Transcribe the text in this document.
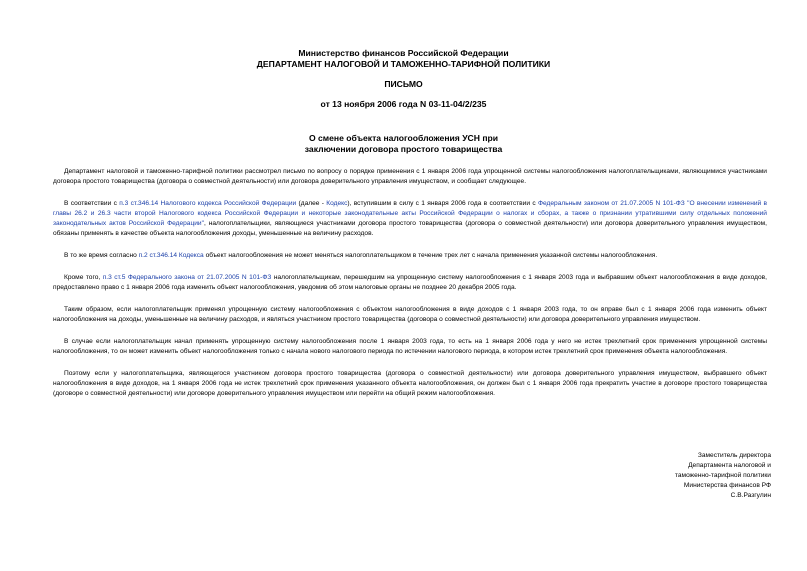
Министерство финансов Российской Федерации
ДЕПАРТАМЕНТ НАЛОГОВОЙ И ТАМОЖЕННО-ТАРИФНОЙ ПОЛИТИКИ
ПИСЬМО
от 13 ноября 2006 года N 03-11-04/2/235
О смене объекта налогообложения УСН при
заключении договора простого товарищества

Департамент налоговой и таможенно-тарифной политики рассмотрел письмо по вопросу о порядке применения с 1 января 2006 года упрощенной системы налогообложения налогоплательщиками, являющимися участниками договора простого товарищества (договора о совместной деятельности) или договора доверительного управления имуществом, и сообщает следующее.

В соответствии с п.3 ст.346.14 Налогового кодекса Российской Федерации (далее - Кодекс), вступившим в силу с 1 января 2006 года в соответствии с Федеральным законом от 21.07.2005 N 101-ФЗ "О внесении изменений в главы 26.2 и 26.3 части второй Налогового кодекса Российской Федерации и некоторые законодательные акты Российской Федерации о налогах и сборах, а также о признании утратившими силу отдельных положений законодательных актов Российской Федерации", налогоплательщики, являющиеся участниками договора простого товарищества (договора о совместной деятельности) или договора доверительного управления имуществом, обязаны применять в качестве объекта налогообложения доходы, уменьшенные на величину расходов.

В то же время согласно п.2 ст.346.14 Кодекса объект налогообложения не может меняться налогоплательщиком в течение трех лет с начала применения указанной системы налогообложения.

Кроме того, п.3 ст.5 Федерального закона от 21.07.2005 N 101-ФЗ налогоплательщикам, перешедшим на упрощенную систему налогообложения с 1 января 2003 года и выбравшим объект налогообложения в виде доходов, предоставлено право с 1 января 2006 года изменить объект налогообложения, уведомив об этом налоговые органы не позднее 20 декабря 2005 года.

Таким образом, если налогоплательщик применял упрощенную систему налогообложения с объектом налогообложения в виде доходов с 1 января 2003 года, то он вправе был с 1 января 2006 года изменить объект налогообложения на доходы, уменьшенные на величину расходов, и являться участником простого товарищества (договора о совместной деятельности) или договора доверительного управления имуществом.

В случае если налогоплательщик начал применять упрощенную систему налогообложения после 1 января 2003 года, то есть на 1 января 2006 года у него не истек трехлетний срок применения упрощенной системы налогообложения, то он может изменить объект налогообложения только с начала нового налогового периода по истечении налогового периода, в котором истек трехлетний срок применения объекта налогообложения.

Поэтому если у налогоплательщика, являющегося участником договора простого товарищества (договора о совместной деятельности) или договора доверительного управления имуществом, выбравшего объект налогообложения в виде доходов, на 1 января 2006 года не истек трехлетний срок применения указанного объекта налогообложения, он должен был с 1 января 2006 года прекратить участие в договоре простого товарищества (договоре о совместной деятельности) или договоре доверительного управления имуществом или перейти на общий режим налогообложения.

Заместитель директора
Департамента налоговой и
таможенно-тарифной политики
Министерства финансов РФ
С.В.Разгулин
